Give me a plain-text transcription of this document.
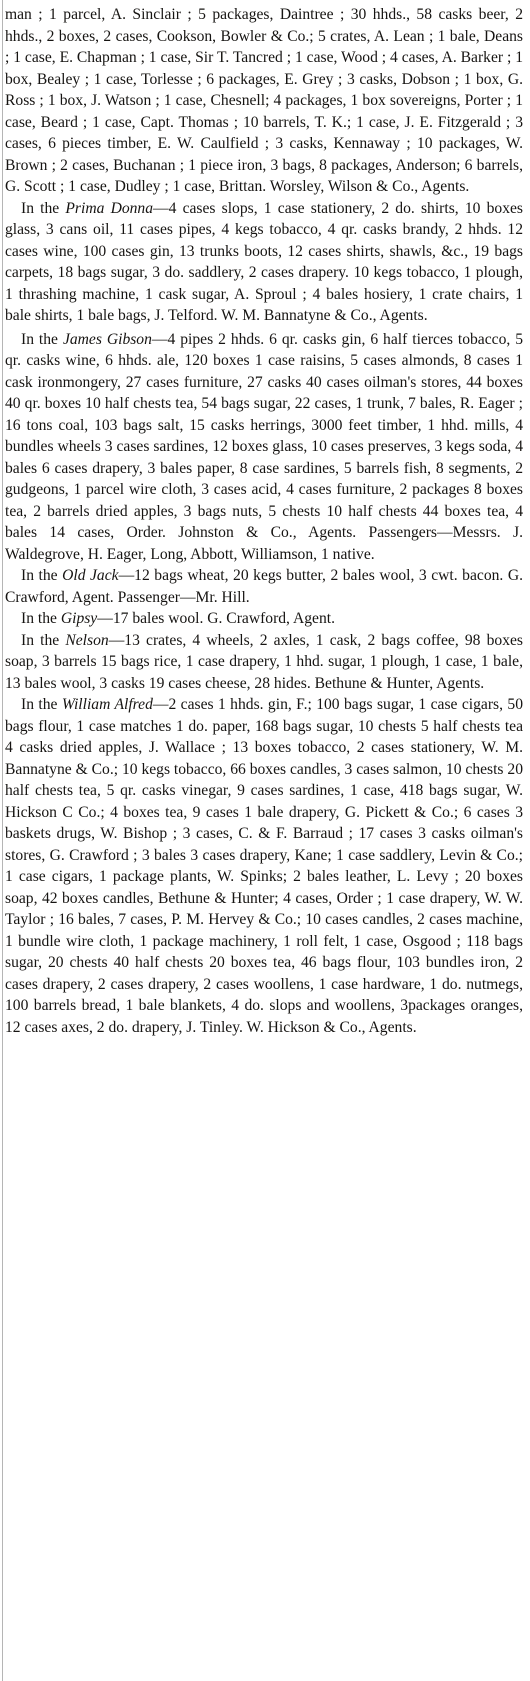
man ; 1 parcel, A. Sinclair ; 5 packages, Daintree ; 30 hhds., 58 casks beer, 2 hhds., 2 boxes, 2 cases, Cookson, Bowler & Co.; 5 crates, A. Lean ; 1 bale, Deans ; 1 case, E. Chapman ; 1 case, Sir T. Tancred ; 1 case, Wood ; 4 cases, A. Barker ; 1 box, Bealey ; 1 case, Torlesse ; 6 packages, E. Grey ; 3 casks, Dobson ; 1 box, G. Ross ; 1 box, J. Watson ; 1 case, Chesnell; 4 packages, 1 box sovereigns, Porter ; 1 case, Beard ; 1 case, Capt. Thomas ; 10 barrels, T. K.; 1 case, J. E. Fitzgerald ; 3 cases, 6 pieces timber, E. W. Caulfield ; 3 casks, Kennaway ; 10 packages, W. Brown ; 2 cases, Buchanan ; 1 piece iron, 3 bags, 8 packages, Anderson; 6 barrels, G. Scott ; 1 case, Dudley ; 1 case, Brittan. Worsley, Wilson & Co., Agents.

In the Prima Donna—4 cases slops, 1 case stationery, 2 do. shirts, 10 boxes glass, 3 cans oil, 11 cases pipes, 4 kegs tobacco, 4 qr. casks brandy, 2 hhds. 12 cases wine, 100 cases gin, 13 trunks boots, 12 cases shirts, shawls, &c., 19 bags carpets, 18 bags sugar, 3 do. saddlery, 2 cases drapery. 10 kegs tobacco, 1 plough, 1 thrashing machine, 1 cask sugar, A. Sproul ; 4 bales hosiery, 1 crate chairs, 1 bale shirts, 1 bale bags, J. Telford. W. M. Bannatyne & Co., Agents.

In the James Gibson—4 pipes 2 hhds. 6 qr. casks gin, 6 half tierces tobacco, 5 qr. casks wine, 6 hhds. ale, 120 boxes 1 case raisins, 5 cases almonds, 8 cases 1 cask ironmongery, 27 cases furniture, 27 casks 40 cases oilman's stores, 44 boxes 40 qr. boxes 10 half chests tea, 54 bags sugar, 22 cases, 1 trunk, 7 bales, R. Eager ; 16 tons coal, 103 bags salt, 15 casks herrings, 3000 feet timber, 1 hhd. mills, 4 bundles wheels 3 cases sardines, 12 boxes glass, 10 cases preserves, 3 kegs soda, 4 bales 6 cases drapery, 3 bales paper, 8 case sardines, 5 barrels fish, 8 segments, 2 gudgeons, 1 parcel wire cloth, 3 cases acid, 4 cases furniture, 2 packages 8 boxes tea, 2 barrels dried apples, 3 bags nuts, 5 chests 10 half chests 44 boxes tea, 4 bales 14 cases, Order. Johnston & Co., Agents. Passengers—Messrs. J. Waldegrove, H. Eager, Long, Abbott, Williamson, 1 native.

In the Old Jack—12 bags wheat, 20 kegs butter, 2 bales wool, 3 cwt. bacon. G. Crawford, Agent. Passenger—Mr. Hill.

In the Gipsy—17 bales wool. G. Crawford, Agent.

In the Nelson—13 crates, 4 wheels, 2 axles, 1 cask, 2 bags coffee, 98 boxes soap, 3 barrels 15 bags rice, 1 case drapery, 1 hhd. sugar, 1 plough, 1 case, 1 bale, 13 bales wool, 3 casks 19 cases cheese, 28 hides. Bethune & Hunter, Agents.

In the William Alfred—2 cases 1 hhds. gin, F.; 100 bags sugar, 1 case cigars, 50 bags flour, 1 case matches 1 do. paper, 168 bags sugar, 10 chests 5 half chests tea 4 casks dried apples, J. Wallace ; 13 boxes tobacco, 2 cases stationery, W. M. Bannatyne & Co.; 10 kegs tobacco, 66 boxes candles, 3 cases salmon, 10 chests 20 half chests tea, 5 qr. casks vinegar, 9 cases sardines, 1 case, 418 bags sugar, W. Hickson C Co.; 4 boxes tea, 9 cases 1 bale drapery, G. Pickett & Co.; 6 cases 3 baskets drugs, W. Bishop ; 3 cases, C. & F. Barraud ; 17 cases 3 casks oilman's stores, G. Crawford ; 3 bales 3 cases drapery, Kane; 1 case saddlery, Levin & Co.; 1 case cigars, 1 package plants, W. Spinks; 2 bales leather, L. Levy ; 20 boxes soap, 42 boxes candles, Bethune & Hunter; 4 cases, Order ; 1 case drapery, W. W. Taylor ; 16 bales, 7 cases, P. M. Hervey & Co.; 10 cases candles, 2 cases machine, 1 bundle wire cloth, 1 package machinery, 1 roll felt, 1 case, Osgood ; 118 bags sugar, 20 chests 40 half chests 20 boxes tea, 46 bags flour, 103 bundles iron, 2 cases drapery, 2 cases drapery, 2 cases woollens, 1 case hardware, 1 do. nutmegs, 100 barrels bread, 1 bale blankets, 4 do. slops and woollens, 3packages oranges, 12 cases axes, 2 do. drapery, J. Tinley. W. Hickson & Co., Agents.
